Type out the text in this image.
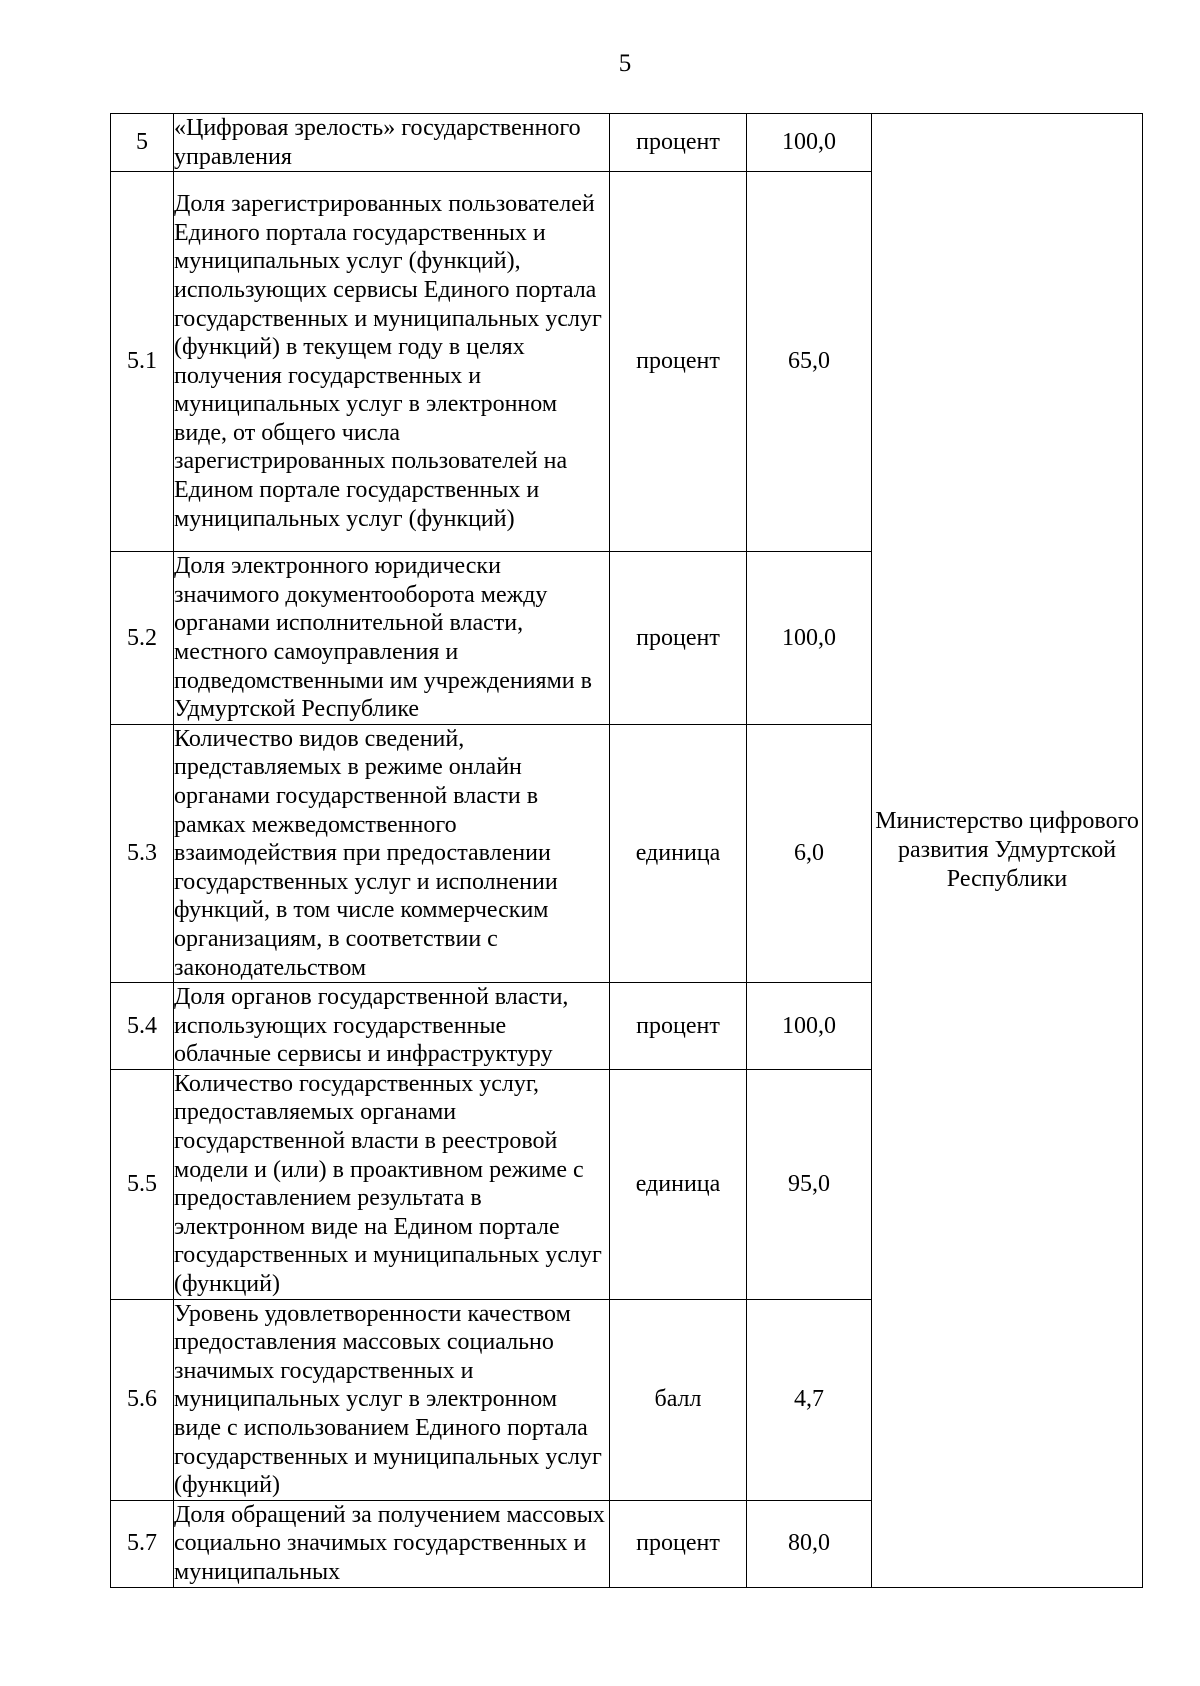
5
5	«Цифровая зрелость» государственного управления	процент	100,0	Министерство цифрового развития Удмуртской Республики
5.1	Доля зарегистрированных пользователей Единого портала государственных и муниципальных услуг (функций), использующих сервисы Единого портала государственных и муниципальных услуг (функций) в текущем году в целях получения государственных и муниципальных услуг в электронном виде, от общего числа зарегистрированных пользователей на Едином портале государственных и муниципальных услуг (функций)	процент	65,0	
5.2	Доля электронного юридически значимого документооборота между органами исполнительной власти, местного самоуправления и подведомственными им учреждениями в Удмуртской Республике	процент	100,0	
5.3	Количество видов сведений, представляемых в режиме онлайн органами государственной власти в рамках межведомственного взаимодействия при предоставлении государственных услуг и исполнении функций, в том числе коммерческим организациям, в соответствии с законодательством	единица	6,0	
5.4	Доля органов государственной власти, использующих государственные облачные сервисы и инфраструктуру	процент	100,0	
5.5	Количество государственных услуг, предоставляемых органами государственной власти в реестровой модели и (или) в проактивном режиме с предоставлением результата в электронном виде на Едином портале государственных и муниципальных услуг (функций)	единица	95,0	
5.6	Уровень удовлетворенности качеством предоставления массовых социально значимых государственных и муниципальных услуг в электронном виде с использованием Единого портала государственных и муниципальных услуг (функций)	балл	4,7	
5.7	Доля обращений за получением массовых социально значимых государственных и муниципальных	процент	80,0	
